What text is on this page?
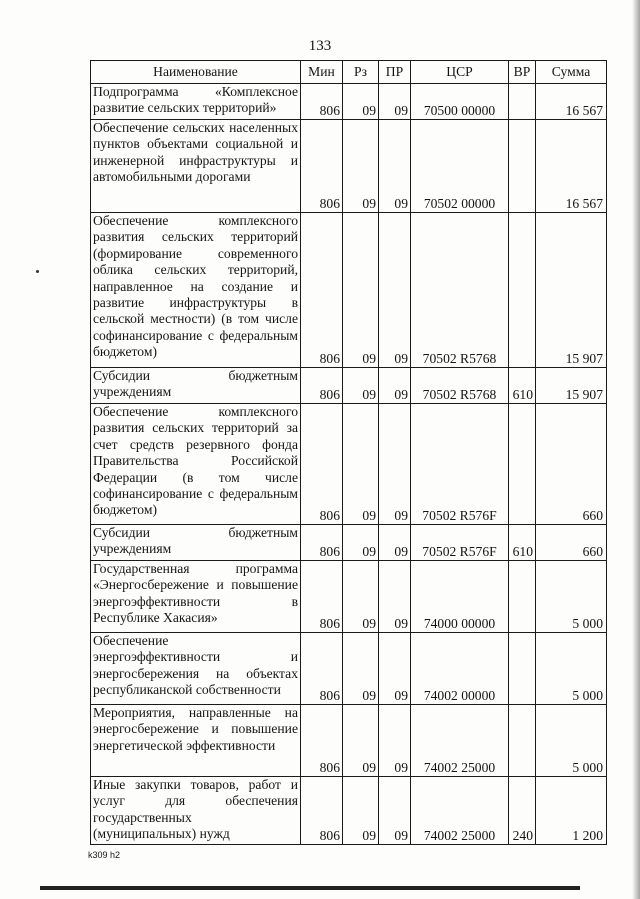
133
Наименование	Мин	Рз	ПР	ЦСР	ВР	Сумма
Подпрограмма «Комплексное развитие сельских территорий»	806	09	09	70500 00000		16 567
Обеспечение сельских населенных пунктов объектами социальной и инженерной инфраструктуры и автомобильными дорогами	806	09	09	70502 00000		16 567
Обеспечение комплексного развития сельских территорий (формирование современного облика сельских территорий, направленное на создание и развитие инфраструктуры в сельской местности) (в том числе софинансирование с федеральным бюджетом)	806	09	09	70502 R5768		15 907
Субсидии бюджетным учреждениям	806	09	09	70502 R5768	610	15 907
Обеспечение комплексного развития сельских территорий за счет средств резервного фонда Правительства Российской Федерации (в том числе софинансирование с федеральным бюджетом)	806	09	09	70502 R576F		660
Субсидии бюджетным учреждениям	806	09	09	70502 R576F	610	660
Государственная программа «Энергосбережение и повышение энергоэффективности в Республике Хакасия»	806	09	09	74000 00000		5 000
Обеспечение энергоэффективности и энергосбережения на объектах республиканской собственности	806	09	09	74002 00000		5 000
Мероприятия, направленные на энергосбережение и повышение энергетической эффективности	806	09	09	74002 25000		5 000
Иные закупки товаров, работ и услуг для обеспечения государственных (муниципальных) нужд	806	09	09	74002 25000	240	1 200
k309 h2
